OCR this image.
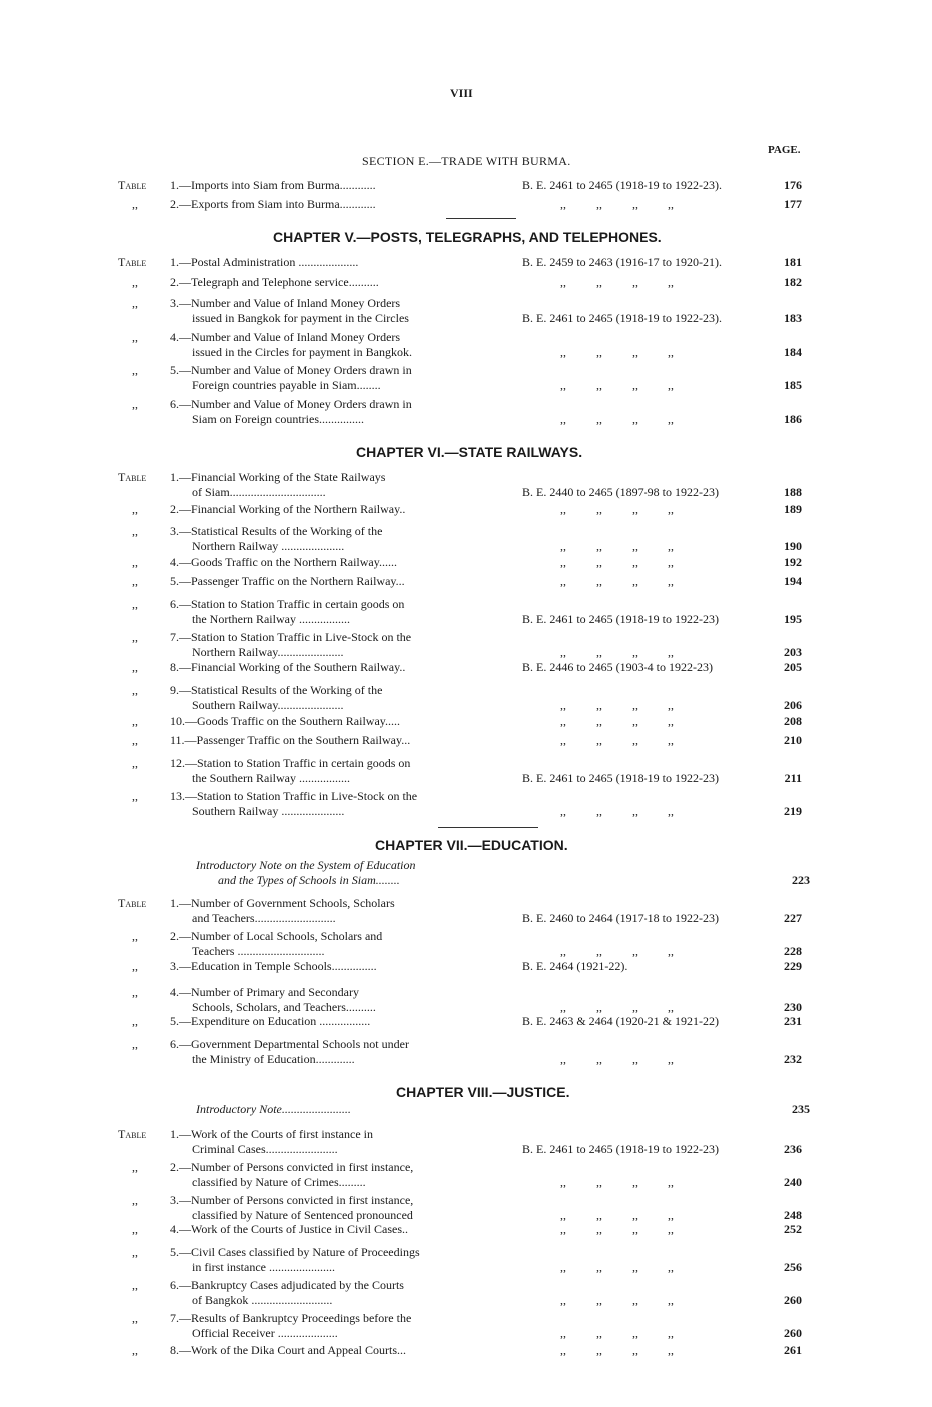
VIII
PAGE.
SECTION E.—TRADE WITH BURMA.
Table 1.—Imports into Siam from Burma............	B. E. 2461 to 2465 (1918-19 to 1922-23).	176
,,	2.—Exports from Siam into Burma............	,,          ,,          ,,          ,,	177
CHAPTER V.—POSTS, TELEGRAPHS, AND TELEPHONES.
Table 1.—Postal Administration ....................	B. E. 2459 to 2463 (1916-17 to 1920-21).	181
,,	2.—Telegraph and Telephone service..........	,,          ,,          ,,          ,,	182
,,	3.—Number and Value of Inland Money Orders
issued in Bangkok for payment in the Circles	B. E. 2461 to 2465 (1918-19 to 1922-23).	183
,,	4.—Number and Value of Inland Money Orders
issued in the Circles for payment in Bangkok.	,,          ,,          ,,          ,,	184
,,	5.—Number and Value of Money Orders drawn in
Foreign countries payable in Siam........	,,          ,,          ,,          ,,	185
,,	6.—Number and Value of Money Orders drawn in
Siam on Foreign countries...............	,,          ,,          ,,          ,,	186
CHAPTER VI.—STATE RAILWAYS.
Table 1.—Financial Working of the State Railways
of Siam................................	B. E. 2440 to 2465 (1897-98 to 1922-23)	188
,,	2.—Financial Working of the Northern Railway..	,,          ,,          ,,          ,,	189
,,	3.—Statistical Results of the Working of the
Northern Railway .....................	,,          ,,          ,,          ,,	190
,,	4.—Goods Traffic on the Northern Railway......	,,          ,,          ,,          ,,	192
,,	5.—Passenger Traffic on the Northern Railway...	,,          ,,          ,,          ,,	194
,,	6.—Station to Station Traffic in certain goods on
the Northern Railway .................	B. E. 2461 to 2465 (1918-19 to 1922-23)	195
,,	7.—Station to Station Traffic in Live-Stock on the
Northern Railway......................	,,          ,,          ,,          ,,	203
,,	8.—Financial Working of the Southern Railway..	B. E. 2446 to 2465 (1903-4 to 1922-23)	205
,,	9.—Statistical Results of the Working of the
Southern Railway......................	,,          ,,          ,,          ,,	206
,,	10.—Goods Traffic on the Southern Railway.....	,,          ,,          ,,          ,,	208
,,	11.—Passenger Traffic on the Southern Railway...	,,          ,,          ,,          ,,	210
,,	12.—Station to Station Traffic in certain goods on
the Southern Railway .................	B. E. 2461 to 2465 (1918-19 to 1922-23)	211
,,	13.—Station to Station Traffic in Live-Stock on the
Southern Railway .....................	,,          ,,          ,,          ,,	219
CHAPTER VII.—EDUCATION.
Introductory Note on the System of Education
and the Types of Schools in Siam........	223
Table 1.—Number of Government Schools, Scholars
and Teachers...........................	B. E. 2460 to 2464 (1917-18 to 1922-23)	227
,,	2.—Number of Local Schools, Scholars and
Teachers .............................	,,          ,,          ,,          ,,	228
,,	3.—Education in Temple Schools...............	B. E. 2464 (1921-22).	229
,,	4.—Number of Primary and Secondary
Schools, Scholars, and Teachers..........	,,          ,,          ,,          ,,	230
,,	5.—Expenditure on Education .................	B. E. 2463 & 2464 (1920-21 & 1921-22)	231
,,	6.—Government Departmental Schools not under
the Ministry of Education.............	,,          ,,          ,,          ,,	232
CHAPTER VIII.—JUSTICE.
Introductory Note.......................	235
Table 1.—Work of the Courts of first instance in
Criminal Cases........................	B. E. 2461 to 2465 (1918-19 to 1922-23)	236
,,	2.—Number of Persons convicted in first instance,
classified by Nature of Crimes.........	,,          ,,          ,,          ,,	240
,,	3.—Number of Persons convicted in first instance,
classified by Nature of Sentenced pronounced	,,          ,,          ,,          ,,	248
,,	4.—Work of the Courts of Justice in Civil Cases..	,,          ,,          ,,          ,,	252
,,	5.—Civil Cases classified by Nature of Proceedings
in first instance ......................	,,          ,,          ,,          ,,	256
,,	6.—Bankruptcy Cases adjudicated by the Courts
of Bangkok ...........................	,,          ,,          ,,          ,,	260
,,	7.—Results of Bankruptcy Proceedings before the
Official Receiver ....................	,,          ,,          ,,          ,,	260
,,	8.—Work of the Dika Court and Appeal Courts...	,,          ,,          ,,          ,,	261
